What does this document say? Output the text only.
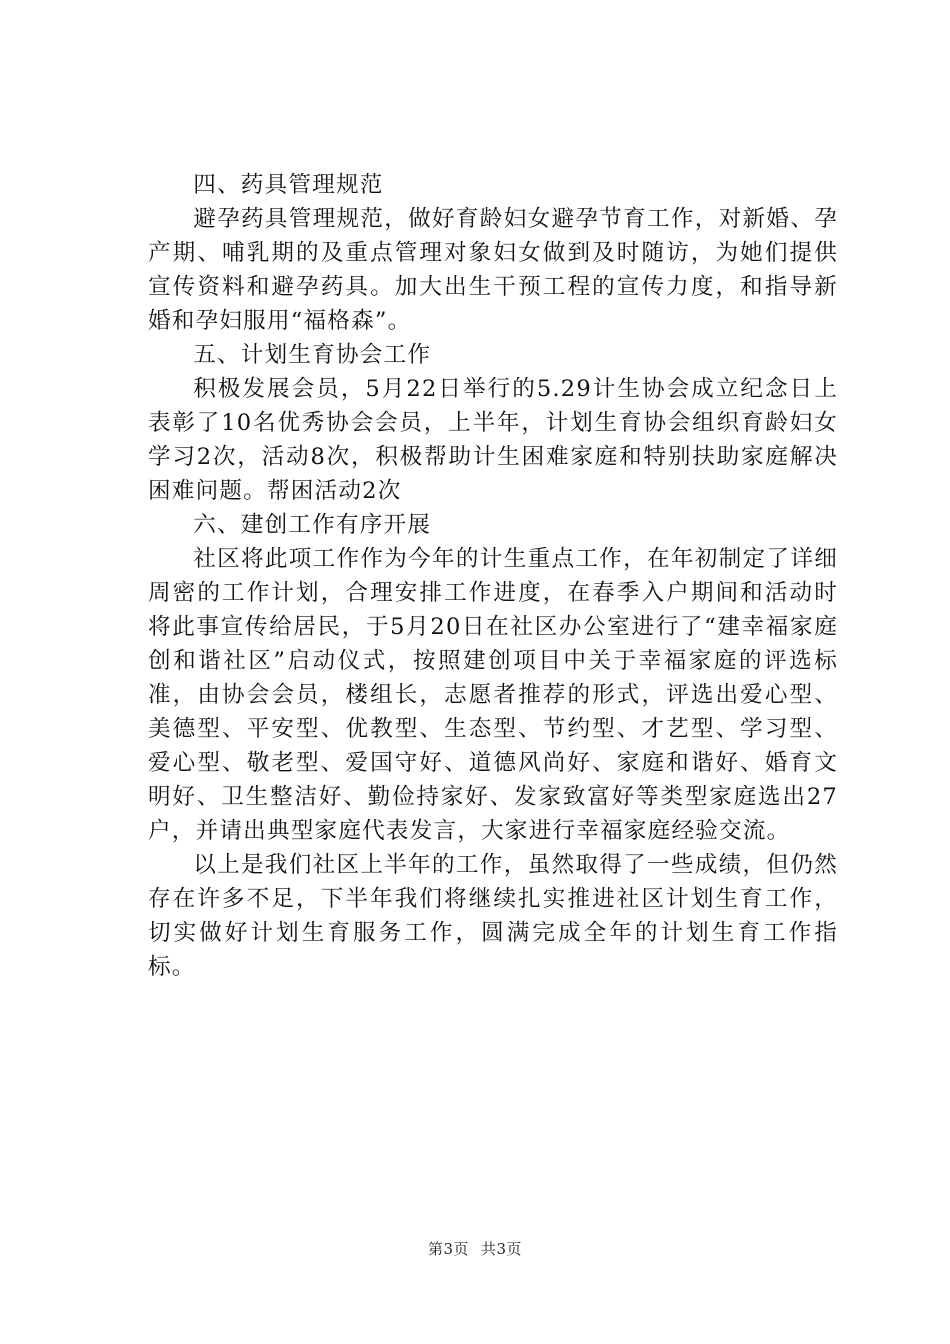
四、药具管理规范

避孕药具管理规范，做好育龄妇女避孕节育工作，对新婚、孕产期、哺乳期的及重点管理对象妇女做到及时随访，为她们提供宣传资料和避孕药具。加大出生干预工程的宣传力度，和指导新婚和孕妇服用“福格森”。

五、计划生育协会工作

积极发展会员，5月22日举行的5.29计生协会成立纪念日上表彰了10名优秀协会会员，上半年，计划生育协会组织育龄妇女学习2次，活动8次，积极帮助计生困难家庭和特别扶助家庭解决困难问题。帮困活动2次

六、建创工作有序开展

社区将此项工作作为今年的计生重点工作，在年初制定了详细周密的工作计划，合理安排工作进度，在春季入户期间和活动时将此事宣传给居民，于5月20日在社区办公室进行了“建幸福家庭创和谐社区”启动仪式，按照建创项目中关于幸福家庭的评选标准，由协会会员，楼组长，志愿者推荐的形式，评选出爱心型、美德型、平安型、优教型、生态型、节约型、才艺型、学习型、爱心型、敬老型、爱国守好、道德风尚好、家庭和谐好、婚育文明好、卫生整洁好、勤俭持家好、发家致富好等类型家庭选出27户，并请出典型家庭代表发言，大家进行幸福家庭经验交流。

以上是我们社区上半年的工作，虽然取得了一些成绩，但仍然存在许多不足，下半年我们将继续扎实推进社区计划生育工作，切实做好计划生育服务工作，圆满完成全年的计划生育工作指标。

第3页 共3页
